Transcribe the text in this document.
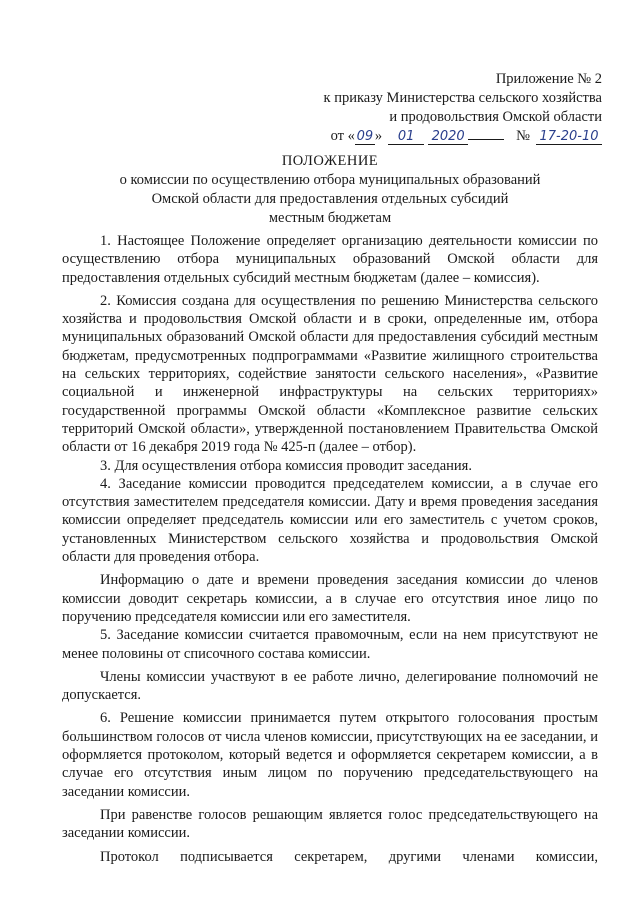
Приложение № 2
к приказу Министерства сельского хозяйства
и продовольствия Омской области
от « 09 »	01	2020	№ 17-20-10
ПОЛОЖЕНИЕ
о комиссии по осуществлению отбора муниципальных образований
Омской области для предоставления отдельных субсидий
местным бюджетам

1. Настоящее Положение определяет организацию деятельности комиссии по осуществлению отбора муниципальных образований Омской области для предоставления отдельных субсидий местным бюджетам (далее – комиссия).

2. Комиссия создана для осуществления по решению Министерства сельского хозяйства и продовольствия Омской области и в сроки, определенные им, отбора муниципальных образований Омской области для предоставления субсидий местным бюджетам, предусмотренных подпрограммами «Развитие жилищного строительства на сельских территориях, содействие занятости сельского населения», «Развитие социальной и инженерной инфраструктуры на сельских территориях» государственной программы Омской области «Комплексное развитие сельских территорий Омской области», утвержденной постановлением Правительства Омской области от 16 декабря 2019 года № 425-п (далее – отбор).

3. Для осуществления отбора комиссия проводит заседания.

4. Заседание комиссии проводится председателем комиссии, а в случае его отсутствия заместителем председателя комиссии. Дату и время проведения заседания комиссии определяет председатель комиссии или его заместитель с учетом сроков, установленных Министерством сельского хозяйства и продовольствия Омской области для проведения отбора.

Информацию о дате и времени проведения заседания комиссии до членов комиссии доводит секретарь комиссии, а в случае его отсутствия иное лицо по поручению председателя комиссии или его заместителя.

5. Заседание комиссии считается правомочным, если на нем присутствуют не менее половины от списочного состава комиссии.

Члены комиссии участвуют в ее работе лично, делегирование полномочий не допускается.

6. Решение комиссии принимается путем открытого голосования простым большинством голосов от числа членов комиссии, присутствующих на ее заседании, и оформляется протоколом, который ведется и оформляется секретарем комиссии, а в случае его отсутствия иным лицом по поручению председательствующего на заседании комиссии.

При равенстве голосов решающим является голос председательствующего на заседании комиссии.

Протокол подписывается секретарем, другими членами комиссии,
